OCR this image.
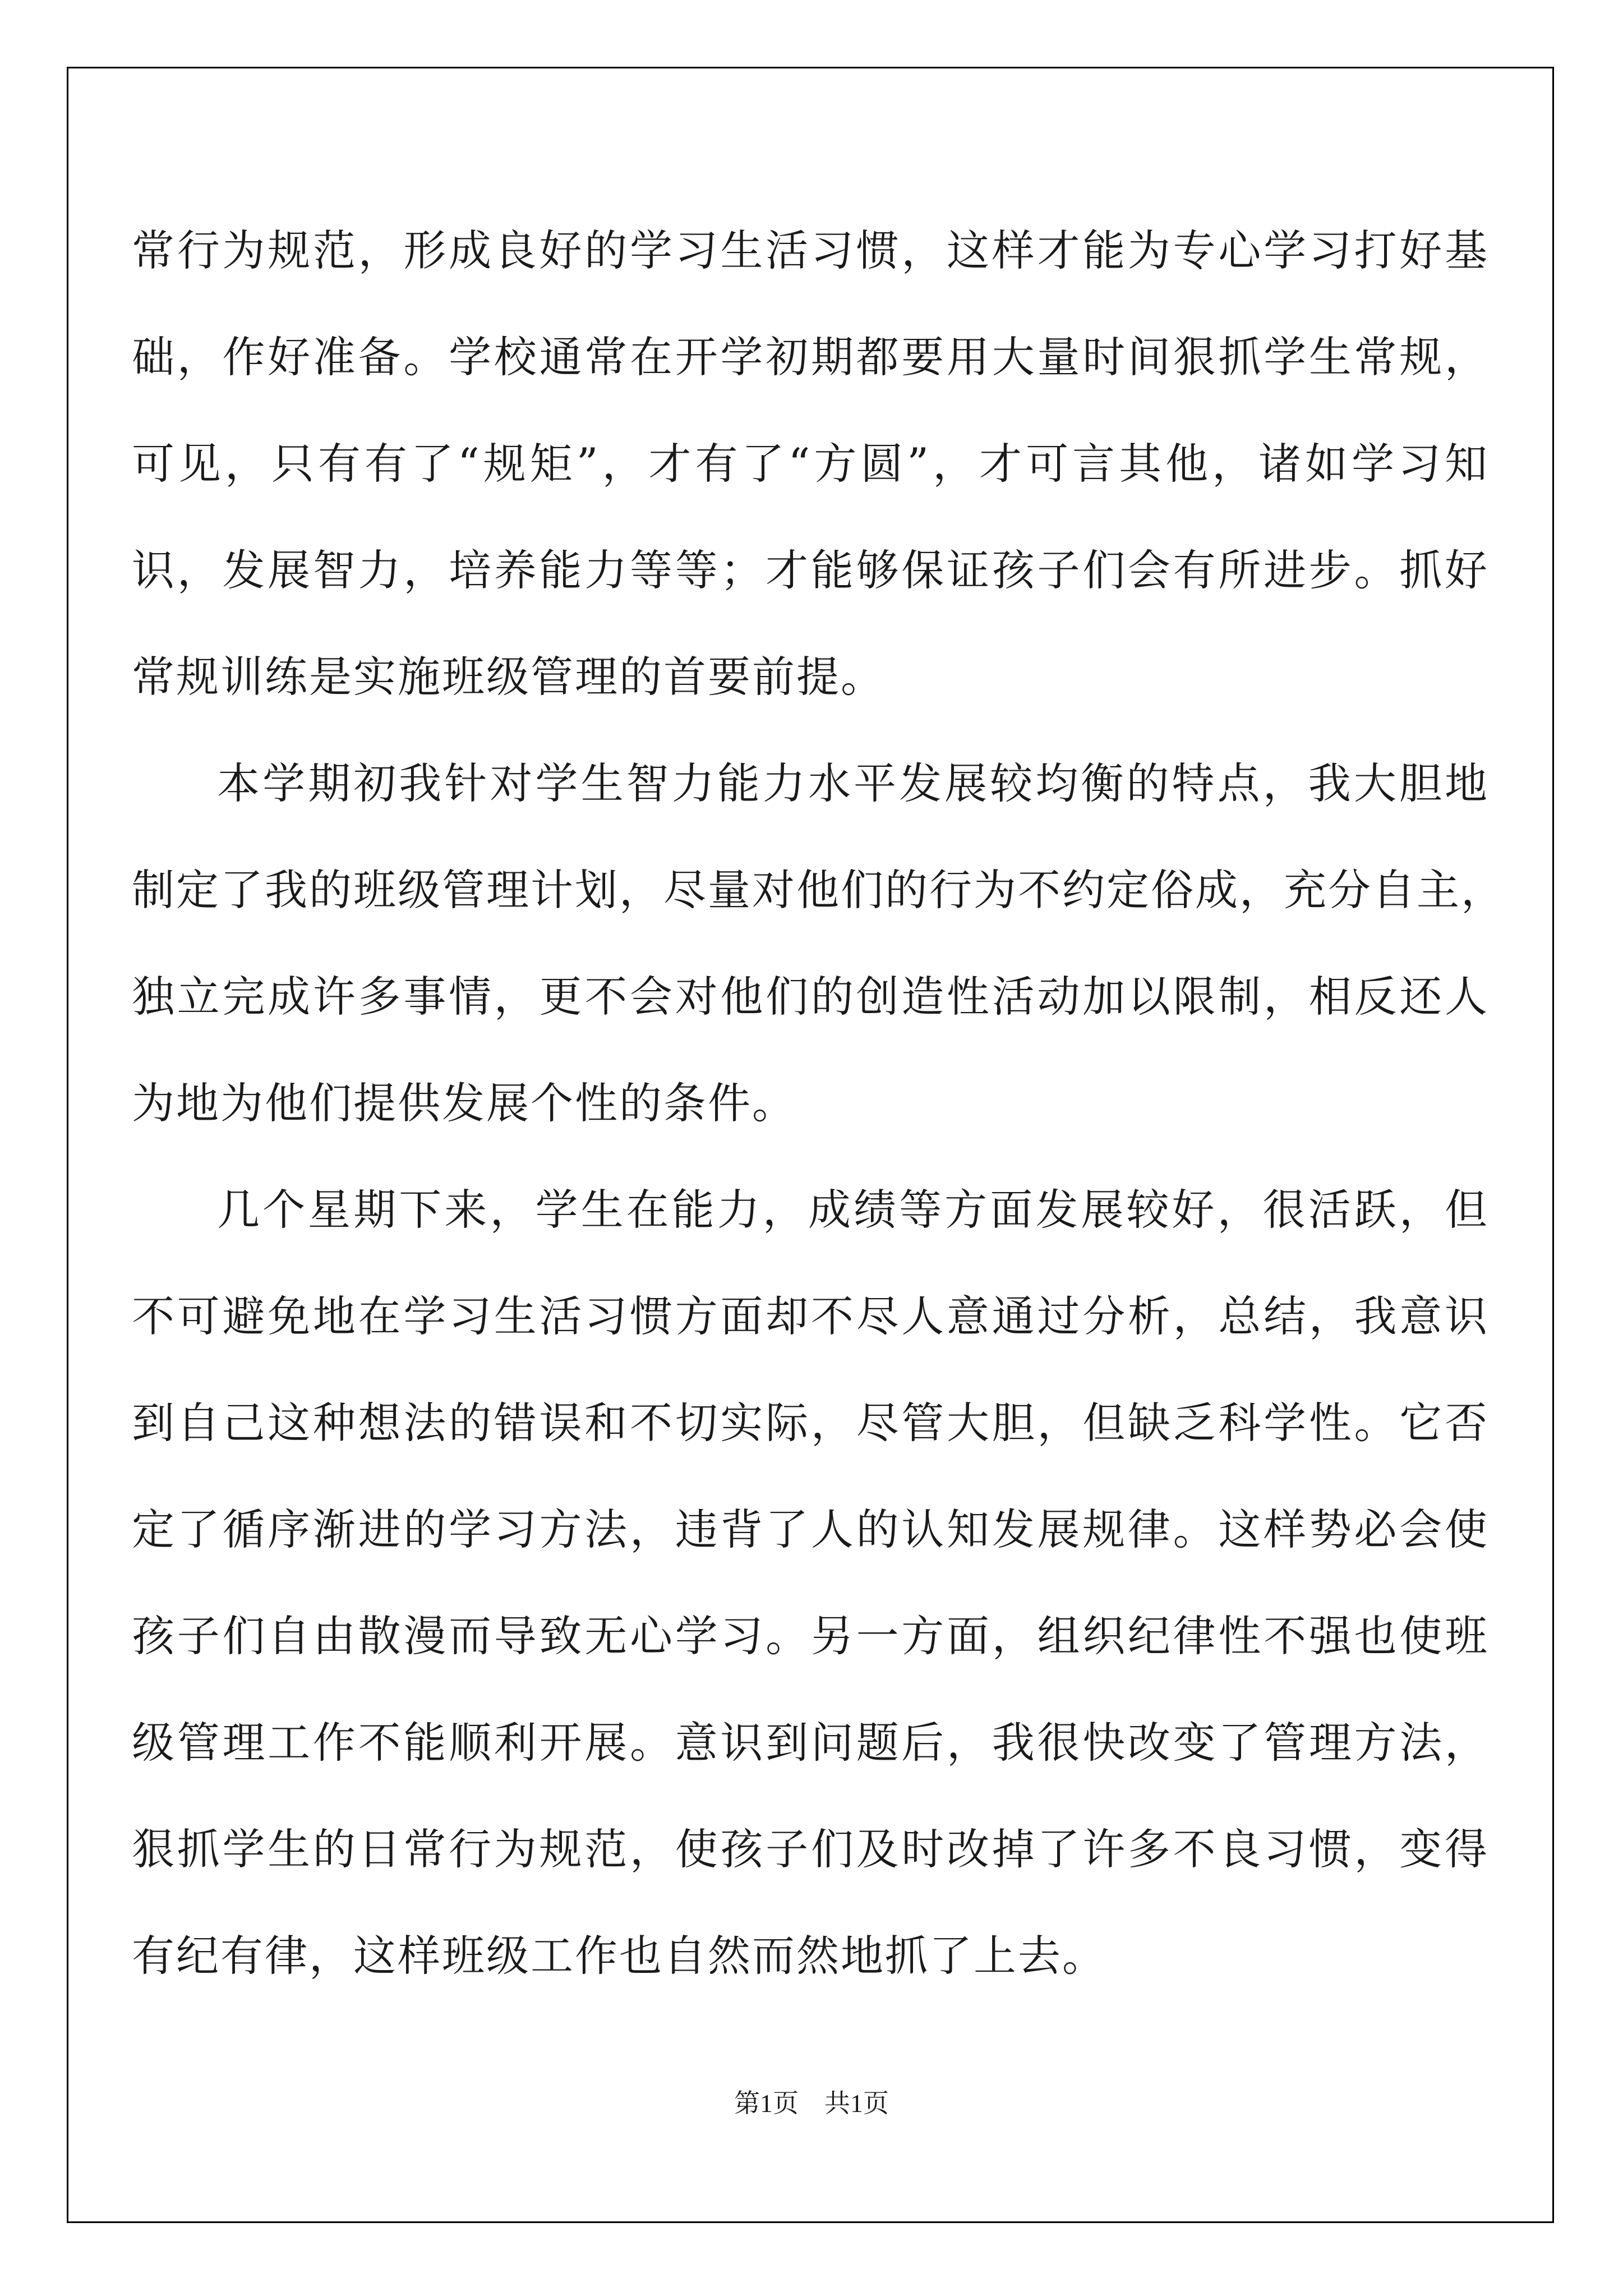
常行为规范，形成良好的学习生活习惯，这样才能为专心学习打好基
础，作好准备。学校通常在开学初期都要用大量时间狠抓学生常规，
可见，只有有了“规矩”，才有了“方圆”，才可言其他，诸如学习知
识，发展智力，培养能力等等；才能够保证孩子们会有所进步。抓好
常规训练是实施班级管理的首要前提。
本学期初我针对学生智力能力水平发展较均衡的特点，我大胆地
制定了我的班级管理计划，尽量对他们的行为不约定俗成，充分自主，
独立完成许多事情，更不会对他们的创造性活动加以限制，相反还人
为地为他们提供发展个性的条件。
几个星期下来，学生在能力，成绩等方面发展较好，很活跃，但
不可避免地在学习生活习惯方面却不尽人意通过分析，总结，我意识
到自己这种想法的错误和不切实际，尽管大胆，但缺乏科学性。它否
定了循序渐进的学习方法，违背了人的认知发展规律。这样势必会使
孩子们自由散漫而导致无心学习。另一方面，组织纪律性不强也使班
级管理工作不能顺利开展。意识到问题后，我很快改变了管理方法，
狠抓学生的日常行为规范，使孩子们及时改掉了许多不良习惯，变得
有纪有律，这样班级工作也自然而然地抓了上去。
第1页　共1页
